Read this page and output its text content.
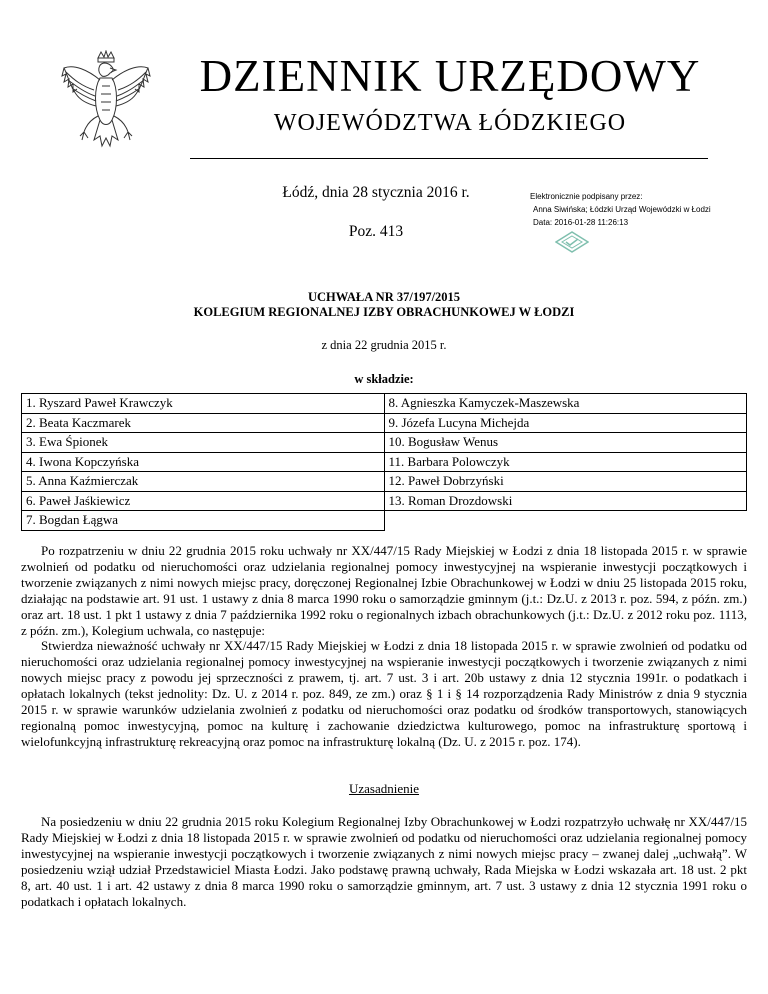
DZIENNIK URZĘDOWY
WOJEWÓDZTWA ŁÓDZKIEGO
Łódź, dnia 28 stycznia 2016 r.
Poz. 413
Elektronicznie podpisany przez:
Anna Siwińska; Łódzki Urząd Wojewódzki w Łodzi
Data: 2016-01-28 11:26:13
UCHWAŁA NR 37/197/2015
KOLEGIUM REGIONALNEJ IZBY OBRACHUNKOWEJ W ŁODZI
z dnia 22 grudnia 2015 r.
w składzie:
1. Ryszard Paweł Krawczyk	8. Agnieszka Kamyczek-Maszewska
2. Beata Kaczmarek	9. Józefa Lucyna Michejda
3. Ewa Śpionek	10. Bogusław Wenus
4. Iwona Kopczyńska	11. Barbara Polowczyk
5. Anna Kaźmierczak	12. Paweł Dobrzyński
6. Paweł Jaśkiewicz	13. Roman Drozdowski
7. Bogdan Łągwa	
Po rozpatrzeniu w dniu 22 grudnia 2015 roku uchwały nr XX/447/15 Rady Miejskiej w Łodzi z dnia 18 listopada 2015 r. w sprawie zwolnień od podatku od nieruchomości oraz udzielania regionalnej pomocy inwestycyjnej na wspieranie inwestycji początkowych i tworzenie związanych z nimi nowych miejsc pracy, doręczonej Regionalnej Izbie Obrachunkowej w Łodzi w dniu 25 listopada 2015 roku, działając na podstawie art. 91 ust. 1 ustawy z dnia 8 marca 1990 roku o samorządzie gminnym (j.t.: Dz.U. z 2013 r. poz. 594, z późn. zm.) oraz art. 18 ust. 1 pkt 1 ustawy z dnia 7 października 1992 roku o regionalnych izbach obrachunkowych (j.t.: Dz.U. z 2012 roku poz. 1113, z późn. zm.), Kolegium uchwala, co następuje:
Stwierdza nieważność uchwały nr XX/447/15 Rady Miejskiej w Łodzi z dnia 18 listopada 2015 r. w sprawie zwolnień od podatku od nieruchomości oraz udzielania regionalnej pomocy inwestycyjnej na wspieranie inwestycji początkowych i tworzenie związanych z nimi nowych miejsc pracy z powodu jej sprzeczności z prawem, tj. art. 7 ust. 3 i art. 20b ustawy z dnia 12 stycznia 1991r. o podatkach i opłatach lokalnych (tekst jednolity: Dz. U. z 2014 r. poz. 849, ze zm.) oraz § 1 i § 14 rozporządzenia Rady Ministrów z dnia 9 stycznia 2015 r. w sprawie warunków udzielania zwolnień z podatku od nieruchomości oraz podatku od środków transportowych, stanowiących regionalną pomoc inwestycyjną, pomoc na kulturę i zachowanie dziedzictwa kulturowego, pomoc na infrastrukturę sportową i wielofunkcyjną infrastrukturę rekreacyjną oraz pomoc na infrastrukturę lokalną (Dz. U. z 2015 r. poz. 174).
Uzasadnienie
Na posiedzeniu w dniu 22 grudnia 2015 roku Kolegium Regionalnej Izby Obrachunkowej w Łodzi rozpatrzyło uchwałę nr XX/447/15 Rady Miejskiej w Łodzi z dnia 18 listopada 2015 r. w sprawie zwolnień od podatku od nieruchomości oraz udzielania regionalnej pomocy inwestycyjnej na wspieranie inwestycji początkowych i tworzenie związanych z nimi nowych miejsc pracy – zwanej dalej „uchwałą”. W posiedzeniu wziął udział Przedstawiciel Miasta Łodzi. Jako podstawę prawną uchwały, Rada Miejska w Łodzi wskazała art. 18 ust. 2 pkt 8, art. 40 ust. 1 i art. 42 ustawy z dnia 8 marca 1990 roku o samorządzie gminnym, art. 7 ust. 3 ustawy z dnia 12 stycznia 1991 roku o podatkach i opłatach lokalnych.
